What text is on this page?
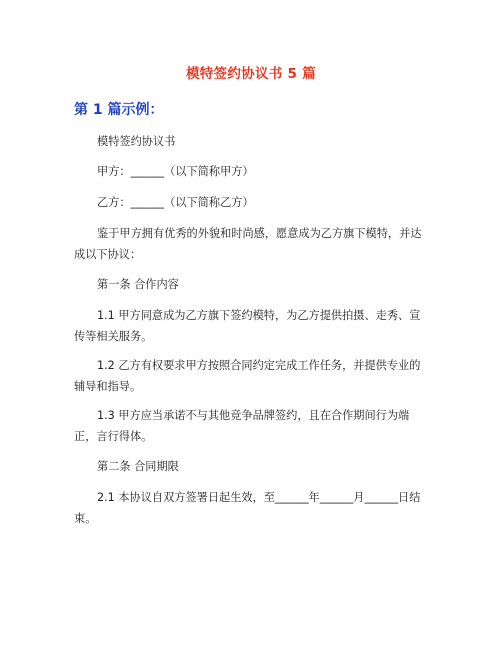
模特签约协议书 5 篇
第 1 篇示例：

模特签约协议书

甲方：______（以下简称甲方）

乙方：______（以下简称乙方）

鉴于甲方拥有优秀的外貌和时尚感，愿意成为乙方旗下模特，并达成以下协议：

第一条 合作内容

1.1 甲方同意成为乙方旗下签约模特，为乙方提供拍摄、走秀、宣传等相关服务。

1.2 乙方有权要求甲方按照合同约定完成工作任务，并提供专业的辅导和指导。

1.3 甲方应当承诺不与其他竞争品牌签约，且在合作期间行为端正，言行得体。

第二条 合同期限

2.1 本协议自双方签署日起生效，至______年______月______日结束。
